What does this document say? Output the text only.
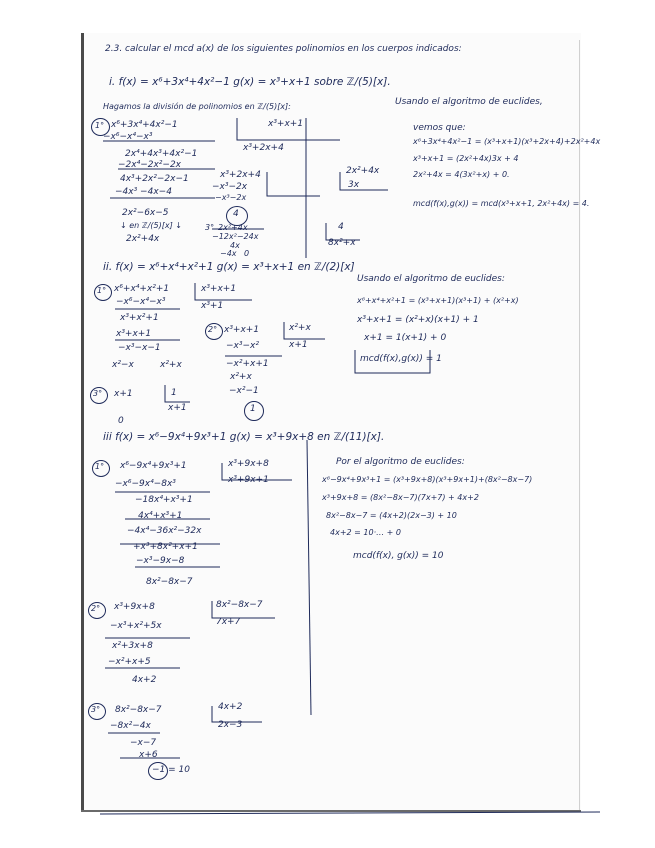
2.3. calcular el mcd a(x) de los siguientes polinomios en los cuerpos indicados:
i. f(x) = x⁶+3x⁴+4x²−1 g(x) = x³+x+1 sobre ℤ/(5)[x].
Hagamos la división de polinomios en ℤ/(5)[x]:
1° x⁶+3x⁴+4x²−1
−x⁶−x⁴−x³
2x⁴+4x³+4x²−1
−2x⁴−2x²−2x
4x³+2x²−2x−1
−4x³ −4x−4
2x²−6x−5
↓ en ℤ/(5)[x] ↓
2x²+4x
x³+x+1
x³+2x+4
x³+2x+4
−x³−2x
−x³−2x
4
2x²+4x
3x
3° 2x²+4x
−12x²−24x
4x
−4x 0
4
8x²+x
Usando el algoritmo de euclides,
vemos que:
x⁶+3x⁴+4x²−1 = (x³+x+1)(x³+2x+4)+2x²+4x
x³+x+1 = (2x²+4x)3x + 4
2x²+4x = 4(3x²+x) + 0.
mcd(f(x),g(x)) = mcd(x³+x+1, 2x²+4x) = 4.
ii. f(x) = x⁶+x⁴+x²+1 g(x) = x³+x+1 en ℤ/(2)[x]
1° x⁶+x⁴+x²+1
−x⁶−x⁴−x³
x³+x²+1
x³+x+1
−x³−x−1
x²−x	x²+x
x³+x+1
x³+1
2° x³+x+1
−x³−x²
−x²+x+1
x²+x
−x²−1
1
x²+x
x+1
3° x+1	1
x+1
0
Usando el algoritmo de euclides:
x⁶+x⁴+x²+1 = (x³+x+1)(x³+1) + (x²+x)
x³+x+1 = (x²+x)(x+1) + 1
x+1 = 1(x+1) + 0
mcd(f(x),g(x)) = 1
iii f(x) = x⁶−9x⁴+9x³+1 g(x) = x³+9x+8 en ℤ/(11)[x].
1° x⁶−9x⁴+9x³+1
−x⁶−9x⁴−8x³
−18x⁴+x³+1
4x⁴+x³+1
−4x⁴−36x²−32x
+x³+8x²+x+1
−x³−9x−8
8x²−8x−7
x³+9x+8
x³+9x+1
2° x³+9x+8
−x³+x²+5x
x²+3x+8
−x²+x+5
4x+2
8x²−8x−7
7x+7
3° 8x²−8x−7
−8x²−4x
−x−7
x+6
−1 = 10
4x+2
2x−3
Por el algoritmo de euclides:
x⁶−9x⁴+9x³+1 = (x³+9x+8)(x³+9x+1)+(8x²−8x−7)
x³+9x+8 = (8x²−8x−7)(7x+7) + 4x+2
8x²−8x−7 = (4x+2)(2x−3) + 10
4x+2 = 10·… + 0
mcd(f(x), g(x)) = 10
